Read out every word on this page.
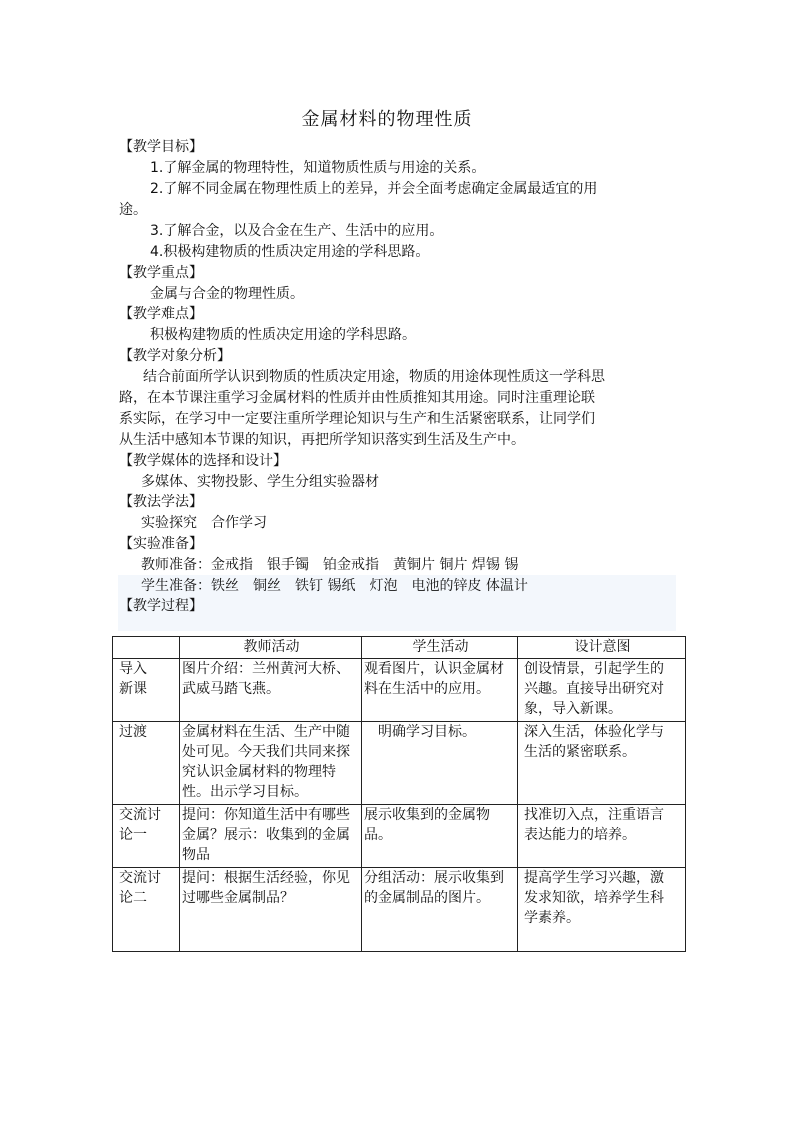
金属材料的物理性质
【教学目标】
1.了解金属的物理特性，知道物质性质与用途的关系。
2.了解不同金属在物理性质上的差异，并会全面考虑确定金属最适宜的用
途。
3.了解合金，以及合金在生产、生活中的应用。
4.积极构建物质的性质决定用途的学科思路。
【教学重点】
金属与合金的物理性质。
【教学难点】
积极构建物质的性质决定用途的学科思路。
【教学对象分析】
结合前面所学认识到物质的性质决定用途，物质的用途体现性质这一学科思
路，在本节课注重学习金属材料的性质并由性质推知其用途。同时注重理论联
系实际，在学习中一定要注重所学理论知识与生产和生活紧密联系，让同学们
从生活中感知本节课的知识，再把所学知识落实到生活及生产中。
【教学媒体的选择和设计】
多媒体、实物投影、学生分组实验器材
【教法学法】
实验探究　合作学习
【实验准备】
教师准备：金戒指　银手镯　铂金戒指　黄铜片 铜片 焊锡 锡
学生准备：铁丝　铜丝　铁钉 锡纸　灯泡　电池的锌皮 体温计
【教学过程】
	教师活动	学生活动	设计意图
导入新课	图片介绍：兰州黄河大桥、武威马踏飞燕。	观看图片，认识金属材料在生活中的应用。	创设情景，引起学生的兴趣。直接导出研究对象，导入新课。
过渡	金属材料在生活、生产中随处可见。今天我们共同来探究认识金属材料的物理特性。出示学习目标。	　明确学习目标。	深入生活，体验化学与生活的紧密联系。
交流讨论一	提问：你知道生活中有哪些金属？展示：收集到的金属物品	展示收集到的金属物品。	找准切入点，注重语言表达能力的培养。
交流讨论二	提问：根据生活经验，你见过哪些金属制品？	分组活动：展示收集到的金属制品的图片。	提高学生学习兴趣，激发求知欲，培养学生科学素养。
